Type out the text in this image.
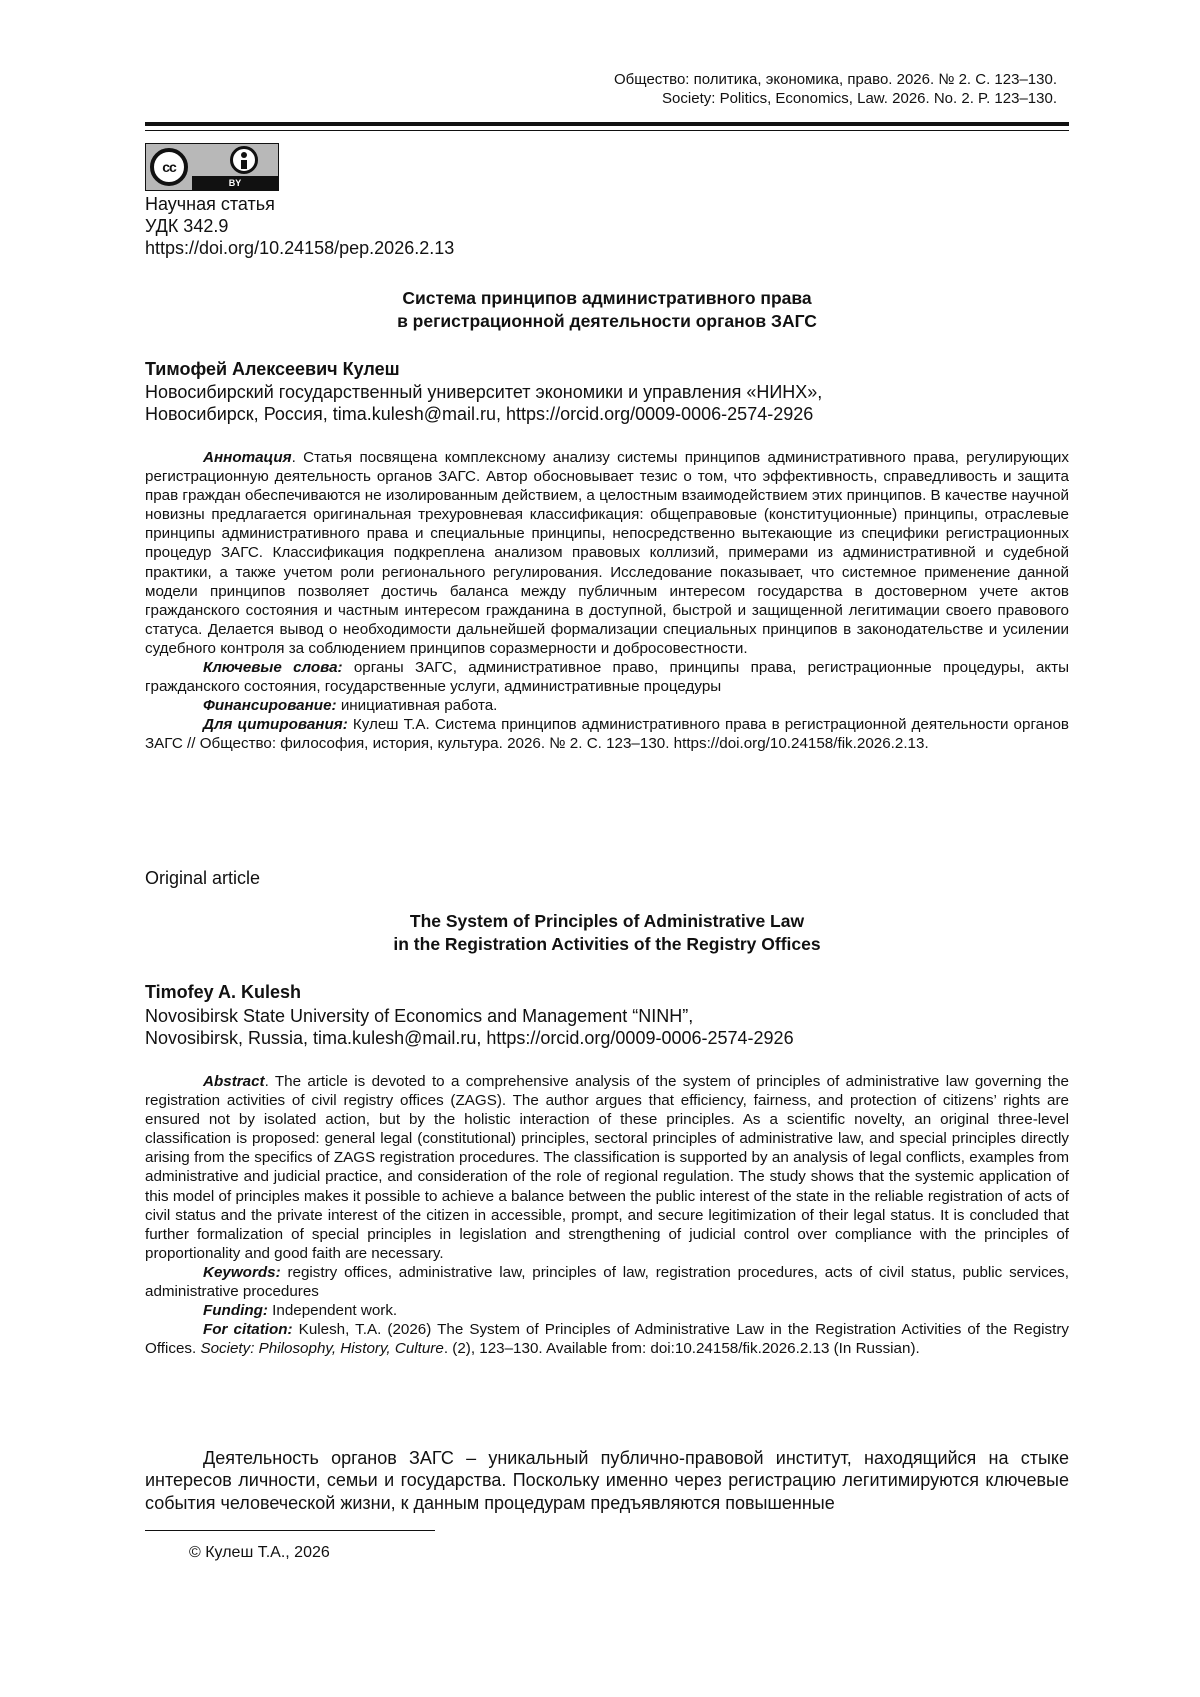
Общество: политика, экономика, право. 2026. № 2. С. 123–130.
Society: Politics, Economics, Law. 2026. No. 2. P. 123–130.
cc
BY
Научная статья
УДК 342.9
https://doi.org/10.24158/pep.2026.2.13
Система принципов административного права
в регистрационной деятельности органов ЗАГС
Тимофей Алексеевич Кулеш
Новосибирский государственный университет экономики и управления «НИНХ»,
Новосибирск, Россия, tima.kulesh@mail.ru, https://orcid.org/0009-0006-2574-2926

Аннотация. Статья посвящена комплексному анализу системы принципов административного права, регулирующих регистрационную деятельность органов ЗАГС. Автор обосновывает тезис о том, что эффективность, справедливость и защита прав граждан обеспечиваются не изолированным действием, а целостным взаимодействием этих принципов. В качестве научной новизны предлагается оригинальная трехуровневая классификация: общеправовые (конституционные) принципы, отраслевые принципы административного права и специальные принципы, непосредственно вытекающие из специфики регистрационных процедур ЗАГС. Классификация подкреплена анализом правовых коллизий, примерами из административной и судебной практики, а также учетом роли регионального регулирования. Исследование показывает, что системное применение данной модели принципов позволяет достичь баланса между публичным интересом государства в достоверном учете актов гражданского состояния и частным интересом гражданина в доступной, быстрой и защищенной легитимации своего правового статуса. Делается вывод о необходимости дальнейшей формализации специальных принципов в законодательстве и усилении судебного контроля за соблюдением принципов соразмерности и добросовестности.

Ключевые слова: органы ЗАГС, административное право, принципы права, регистрационные процедуры, акты гражданского состояния, государственные услуги, административные процедуры

Финансирование: инициативная работа.

Для цитирования: Кулеш Т.А. Система принципов административного права в регистрационной деятельности органов ЗАГС // Общество: философия, история, культура. 2026. № 2. С. 123–130. https://doi.org/10.24158/fik.2026.2.13.

Original article
The System of Principles of Administrative Law
in the Registration Activities of the Registry Offices
Timofey A. Kulesh
Novosibirsk State University of Economics and Management “NINH”,
Novosibirsk, Russia, tima.kulesh@mail.ru, https://orcid.org/0009-0006-2574-2926

Abstract. The article is devoted to a comprehensive analysis of the system of principles of administrative law governing the registration activities of civil registry offices (ZAGS). The author argues that efficiency, fairness, and protection of citizens’ rights are ensured not by isolated action, but by the holistic interaction of these principles. As a scientific novelty, an original three-level classification is proposed: general legal (constitutional) principles, sectoral principles of administrative law, and special principles directly arising from the specifics of ZAGS registration procedures. The classification is supported by an analysis of legal conflicts, examples from administrative and judicial practice, and consideration of the role of regional regulation. The study shows that the systemic application of this model of principles makes it possible to achieve a balance between the public interest of the state in the reliable registration of acts of civil status and the private interest of the citizen in accessible, prompt, and secure legitimization of their legal status. It is concluded that further formalization of special principles in legislation and strengthening of judicial control over compliance with the principles of proportionality and good faith are necessary.

Keywords: registry offices, administrative law, principles of law, registration procedures, acts of civil status, public services, administrative procedures

Funding: Independent work.

For citation: Kulesh, T.A. (2026) The System of Principles of Administrative Law in the Registration Activities of the Registry Offices. Society: Philosophy, History, Culture. (2), 123–130. Available from: doi:10.24158/fik.2026.2.13 (In Russian).

Деятельность органов ЗАГС – уникальный публично-правовой институт, находящийся на стыке интересов личности, семьи и государства. Поскольку именно через регистрацию легитимируются ключевые события человеческой жизни, к данным процедурам предъявляются повышенные

© Кулеш Т.А., 2026
